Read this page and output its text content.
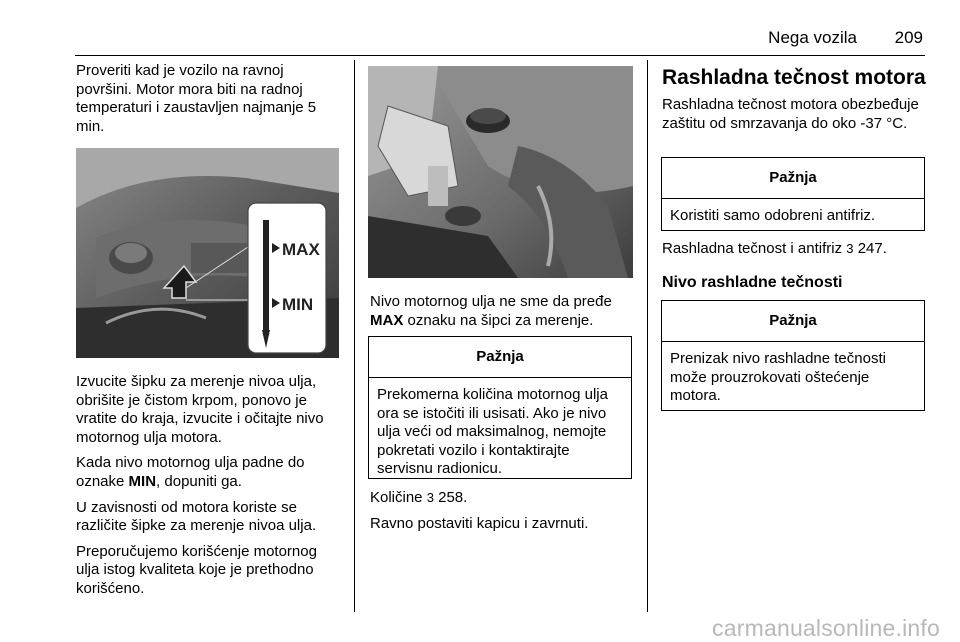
Nega vozila 209

Proveriti kad je vozilo na ravnoj površini. Motor mora biti na radnoj temperaturi i zaustavljen najmanje 5 min.

MAX
MIN

Izvucite šipku za merenje nivoa ulja, obrišite je čistom krpom, ponovo je vratite do kraja, izvucite i očitajte nivo motornog ulja motora.

Kada nivo motornog ulja padne do oznake MIN, dopuniti ga.

U zavisnosti od motora koriste se različite šipke za merenje nivoa ulja.

Preporučujemo korišćenje motornog ulja istog kvaliteta koje je prethodno korišćeno.

Nivo motornog ulja ne sme da pređe MAX oznaku na šipci za merenje.

Pažnja
Prekomerna količina motornog ulja ora se istočiti ili usisati. Ako je nivo ulja veći od maksimalnog, nemojte pokretati vozilo i kontaktirajte servisnu radionicu.

Količine 3 258.

Ravno postaviti kapicu i zavrnuti.

Rashladna tečnost motora

Rashladna tečnost motora obezbeđuje zaštitu od smrzavanja do oko -37 °C.

Pažnja
Koristiti samo odobreni antifriz.

Rashladna tečnost i antifriz 3 247.

Nivo rashladne tečnosti
Pažnja
Prenizak nivo rashladne tečnosti može prouzrokovati oštećenje motora.
carmanualsonline.info
